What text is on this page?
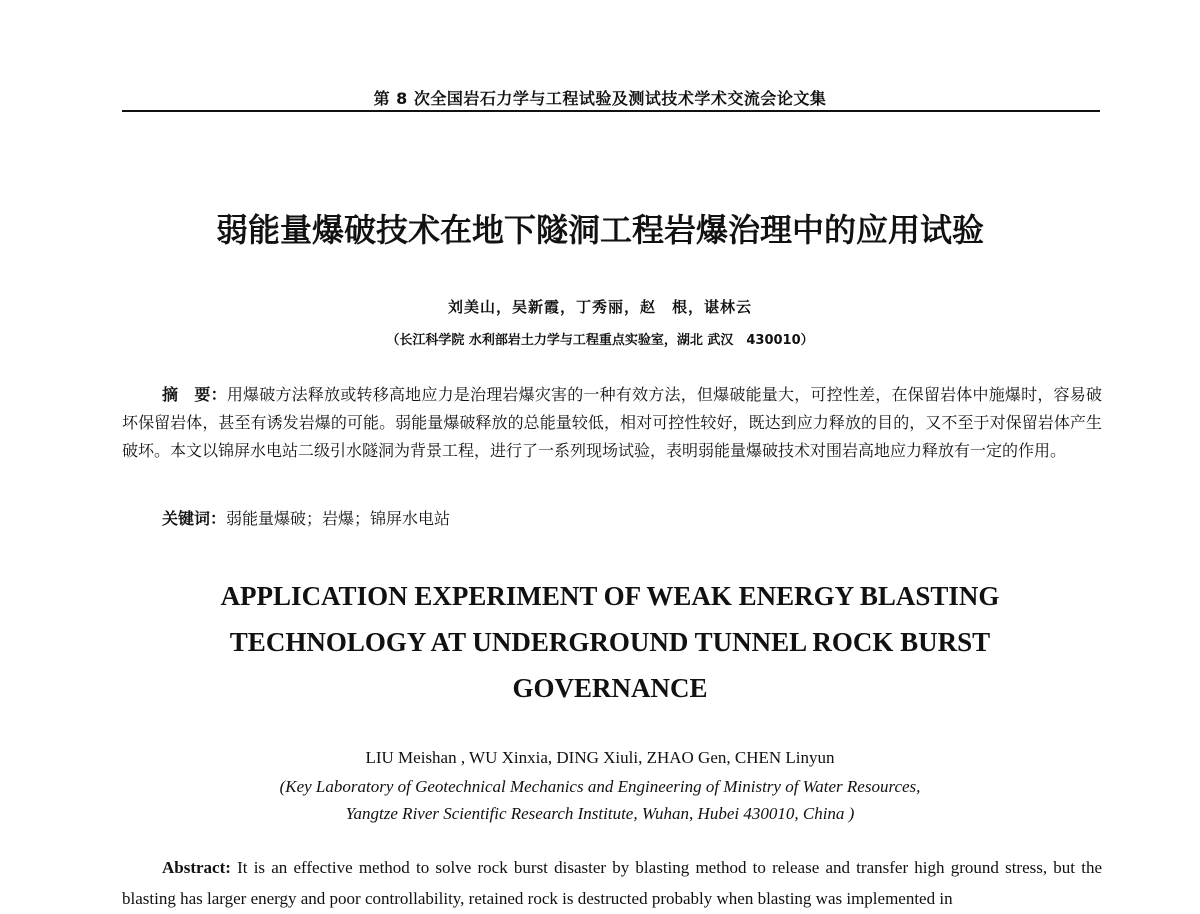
第 8 次全国岩石力学与工程试验及测试技术学术交流会论文集
弱能量爆破技术在地下隧洞工程岩爆治理中的应用试验
刘美山，吴新霞，丁秀丽，赵　根，谌林云
（长江科学院 水利部岩土力学与工程重点实验室，湖北 武汉　430010）
摘　要：用爆破方法释放或转移高地应力是治理岩爆灾害的一种有效方法，但爆破能量大，可控性差，在保留岩体中施爆时，容易破坏保留岩体，甚至有诱发岩爆的可能。弱能量爆破释放的总能量较低，相对可控性较好，既达到应力释放的目的，又不至于对保留岩体产生破坏。本文以锦屏水电站二级引水隧洞为背景工程，进行了一系列现场试验，表明弱能量爆破技术对围岩高地应力释放有一定的作用。
关键词：弱能量爆破；岩爆；锦屏水电站
APPLICATION EXPERIMENT OF WEAK ENERGY BLASTING
TECHNOLOGY AT UNDERGROUND TUNNEL ROCK BURST
GOVERNANCE
LIU Meishan , WU Xinxia, DING Xiuli, ZHAO Gen, CHEN Linyun
(Key Laboratory of Geotechnical Mechanics and Engineering of Ministry of Water Resources,
Yangtze River Scientific Research Institute, Wuhan, Hubei 430010, China )
Abstract: It is an effective method to solve rock burst disaster by blasting method to release and transfer high ground stress, but the blasting has larger energy and poor controllability, retained rock is destructed probably when blasting was implemented in
